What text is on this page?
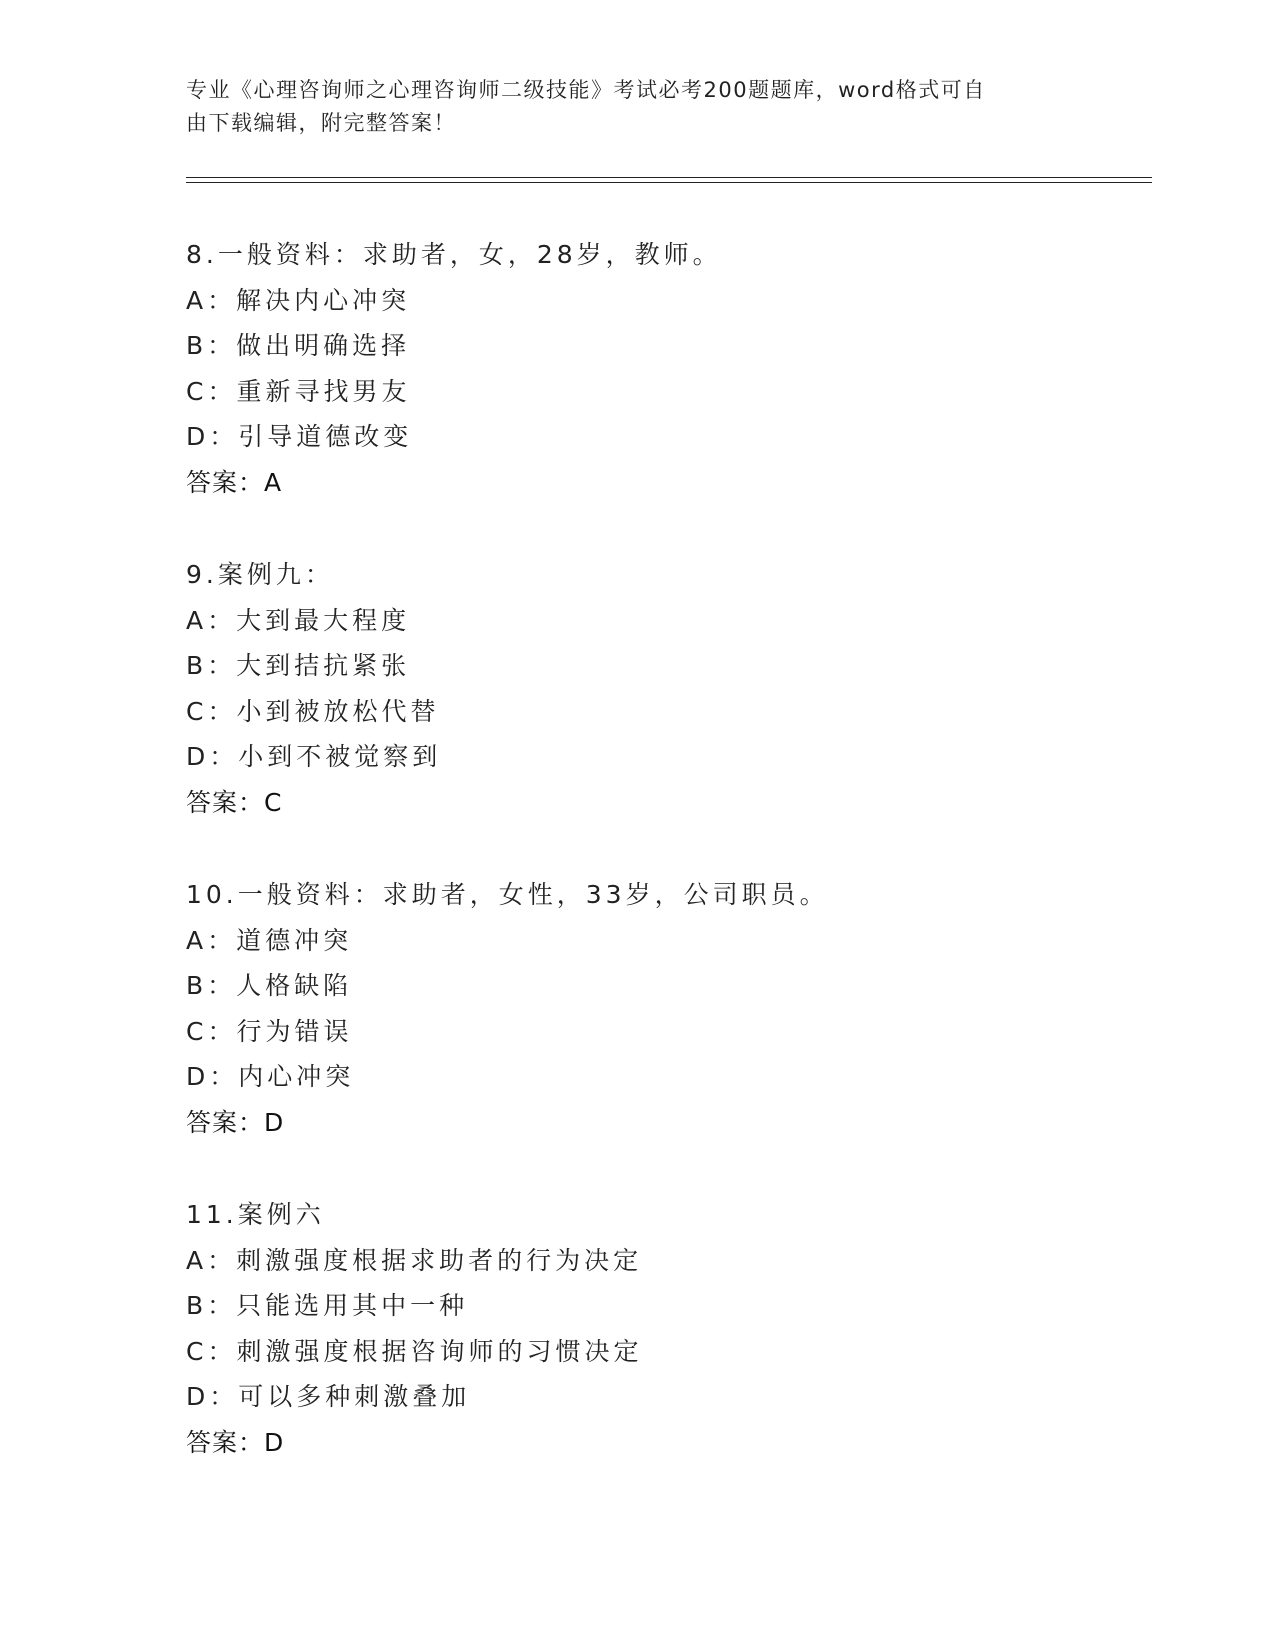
专业《心理咨询师之心理咨询师二级技能》考试必考200题题库，word格式可自
由下载编辑，附完整答案！
8.一般资料：求助者，女，28岁，教师。
A：解决内心冲突
B：做出明确选择
C：重新寻找男友
D：引导道德改变
答案：A
9.案例九：
A：大到最大程度
B：大到拮抗紧张
C：小到被放松代替
D：小到不被觉察到
答案：C
10.一般资料：求助者，女性，33岁，公司职员。
A：道德冲突
B：人格缺陷
C：行为错误
D：内心冲突
答案：D
11.案例六
A：刺激强度根据求助者的行为决定
B：只能选用其中一种
C：刺激强度根据咨询师的习惯决定
D：可以多种刺激叠加
答案：D
